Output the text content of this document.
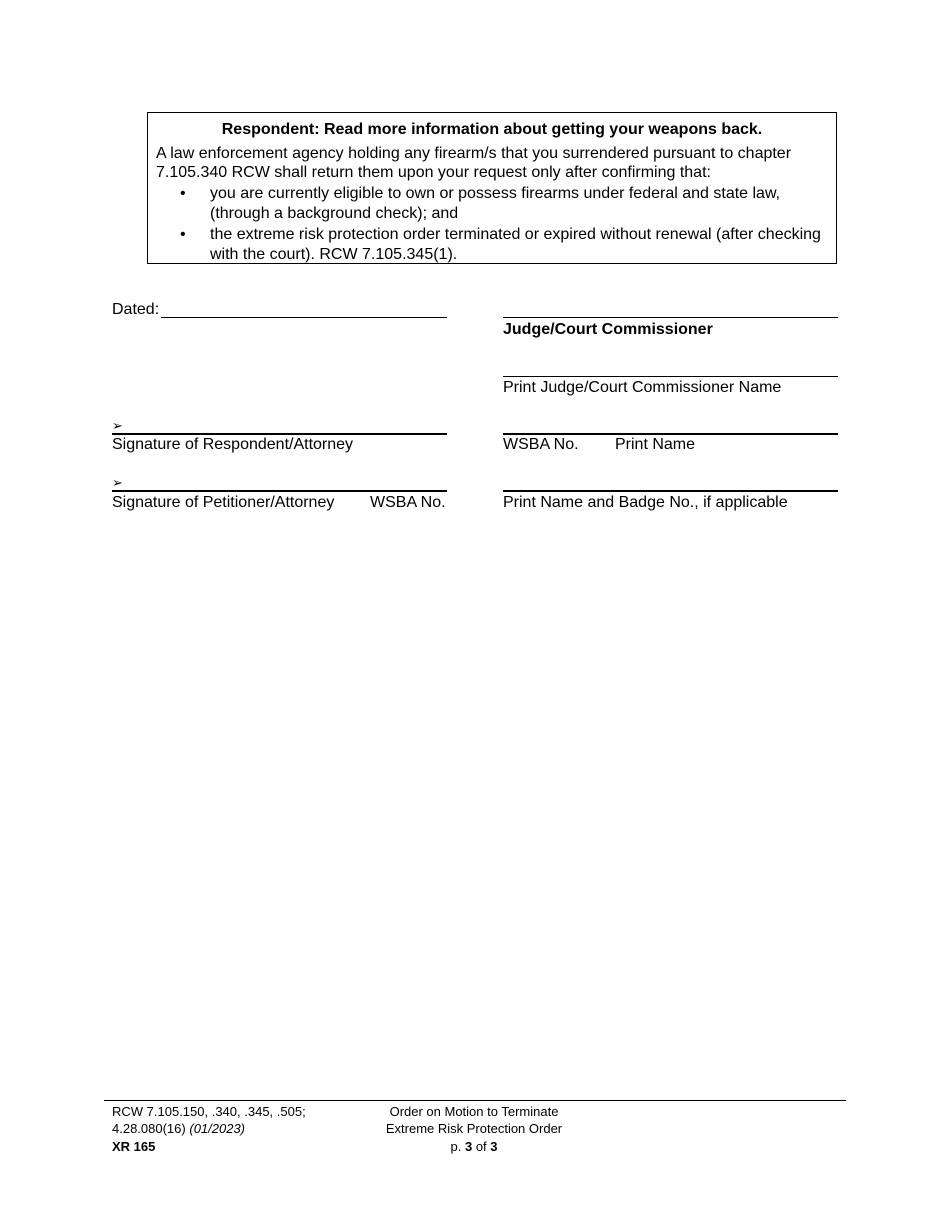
Respondent: Read more information about getting your weapons back.

A law enforcement agency holding any firearm/s that you surrendered pursuant to chapter 7.105.340 RCW shall return them upon your request only after confirming that:

• you are currently eligible to own or possess firearms under federal and state law, (through a background check); and
• the extreme risk protection order terminated or expired without renewal (after checking with the court). RCW 7.105.345(1).
Dated:
Judge/Court Commissioner
Print Judge/Court Commissioner Name
➢
Signature of Respondent/Attorney	WSBA No. Print Name
➢
Signature of Petitioner/Attorney WSBA No.	Print Name and Badge No., if applicable
RCW 7.105.150, .340, .345, .505;
4.28.080(16) (01/2023)
XR 165
Order on Motion to Terminate
Extreme Risk Protection Order
p. 3 of 3
